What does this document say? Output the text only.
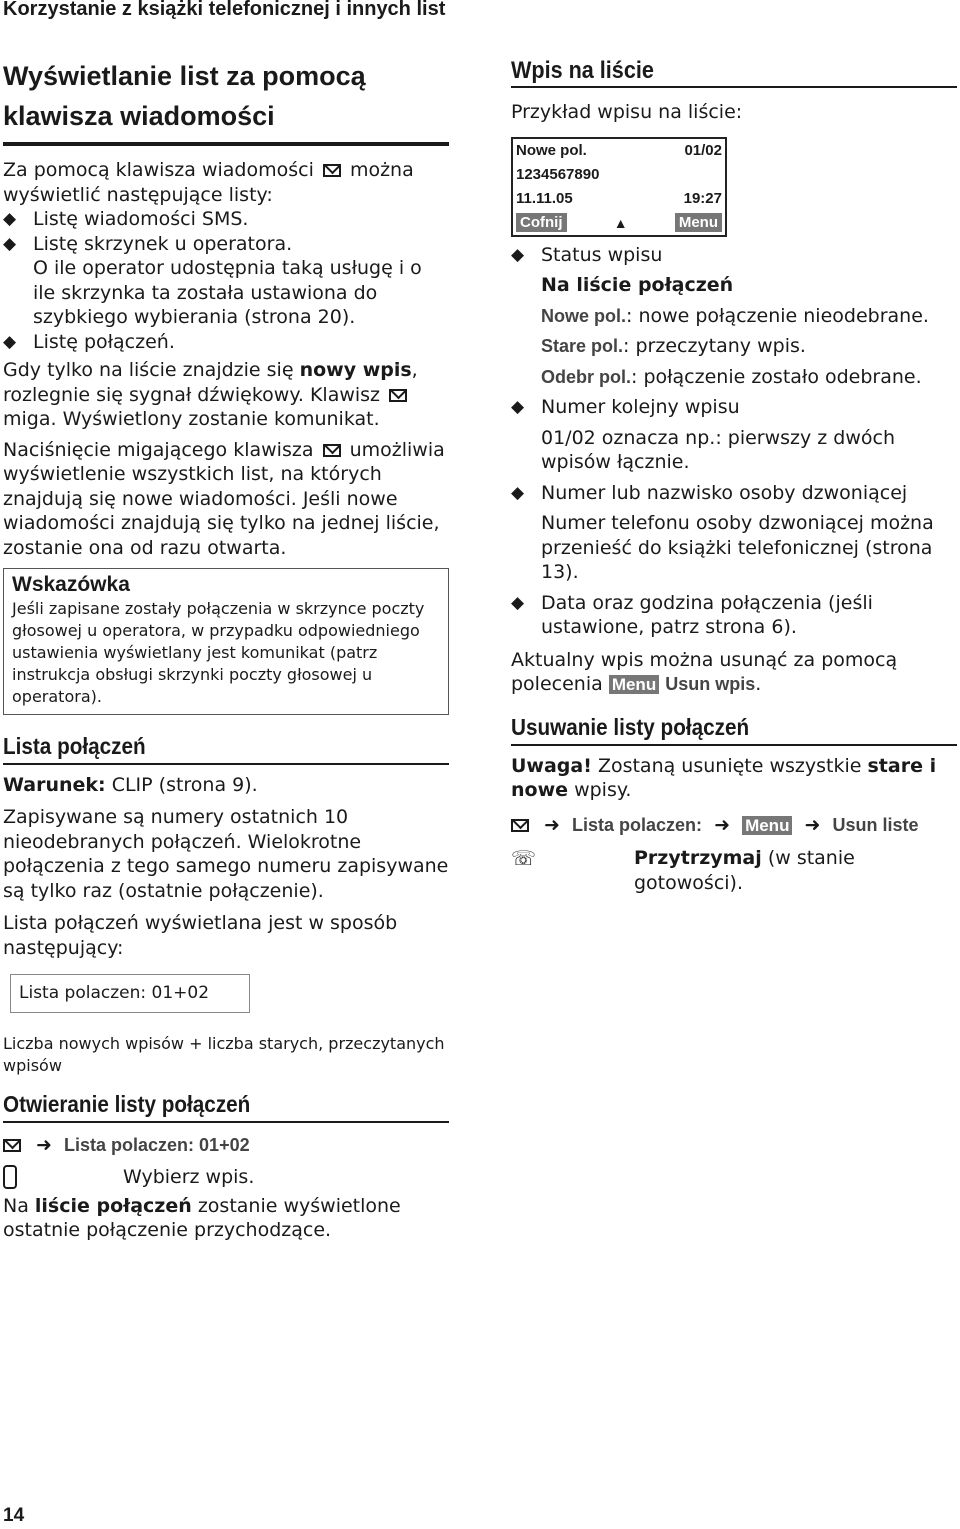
Korzystanie z książki telefonicznej i innych list
Wyświetlanie list za pomocą klawisza wiadomości

Za pomocą klawisza wiadomości można wyświetlić następujące listy:

◆ Listę wiadomości SMS.
◆ Listę skrzynek u operatora.
O ile operator udostępnia taką usługę i o ile skrzynka ta została ustawiona do szybkiego wybierania (strona 20).
◆ Listę połączeń.

Gdy tylko na liście znajdzie się nowy wpis, rozlegnie się sygnał dźwiękowy. Klawisz  miga. Wyświetlony zostanie komunikat.

Naciśnięcie migającego klawisza umożliwia wyświetlenie wszystkich list, na których znajdują się nowe wiadomości. Jeśli nowe wiadomości znajdują się tylko na jednej liście, zostanie ona od razu otwarta.

Wskazówka
Jeśli zapisane zostały połączenia w skrzynce poczty głosowej u operatora, w przypadku odpowiedniego ustawienia wyświetlany jest komunikat (patrz instrukcja obsługi skrzynki poczty głosowej u operatora).
Lista połączeń

Warunek: CLIP (strona 9).

Zapisywane są numery ostatnich 10 nieodebranych połączeń. Wielokrotne połączenia z tego samego numeru zapisywane są tylko raz (ostatnie połączenie).

Lista połączeń wyświetlana jest w sposób następujący:

Lista polaczen: 01+02

Liczba nowych wpisów + liczba starych, przeczytanych wpisów

Otwieranie listy połączeń
➜ Lista polaczen: 01+02
Wybierz wpis.

Na liście połączeń zostanie wyświetlone ostatnie połączenie przychodzące.

Wpis na liście

Przykład wpisu na liście:

Nowe pol.	01/02
1234567890
11.11.05	19:27
Cofnij	▲	Menu
◆ Status wpisu
Na liście połączeń
Nowe pol.: nowe połączenie nieodebrane.
Stare pol.: przeczytany wpis.
Odebr pol.: połączenie zostało odebrane.
◆ Numer kolejny wpisu
01/02 oznacza np.: pierwszy z dwóch wpisów łącznie.
◆ Numer lub nazwisko osoby dzwoniącej
Numer telefonu osoby dzwoniącej można przenieść do książki telefonicznej (strona 13).
◆ Data oraz godzina połączenia (jeśli ustawione, patrz strona 6).

Aktualny wpis można usunąć za pomocą polecenia Menu Usun wpis.

Usuwanie listy połączeń

Uwaga! Zostaną usunięte wszystkie stare i nowe wpisy.

➜ Lista polaczen: ➜ Menu ➜ Usun liste
☏	Przytrzymaj (w stanie gotowości).
14
